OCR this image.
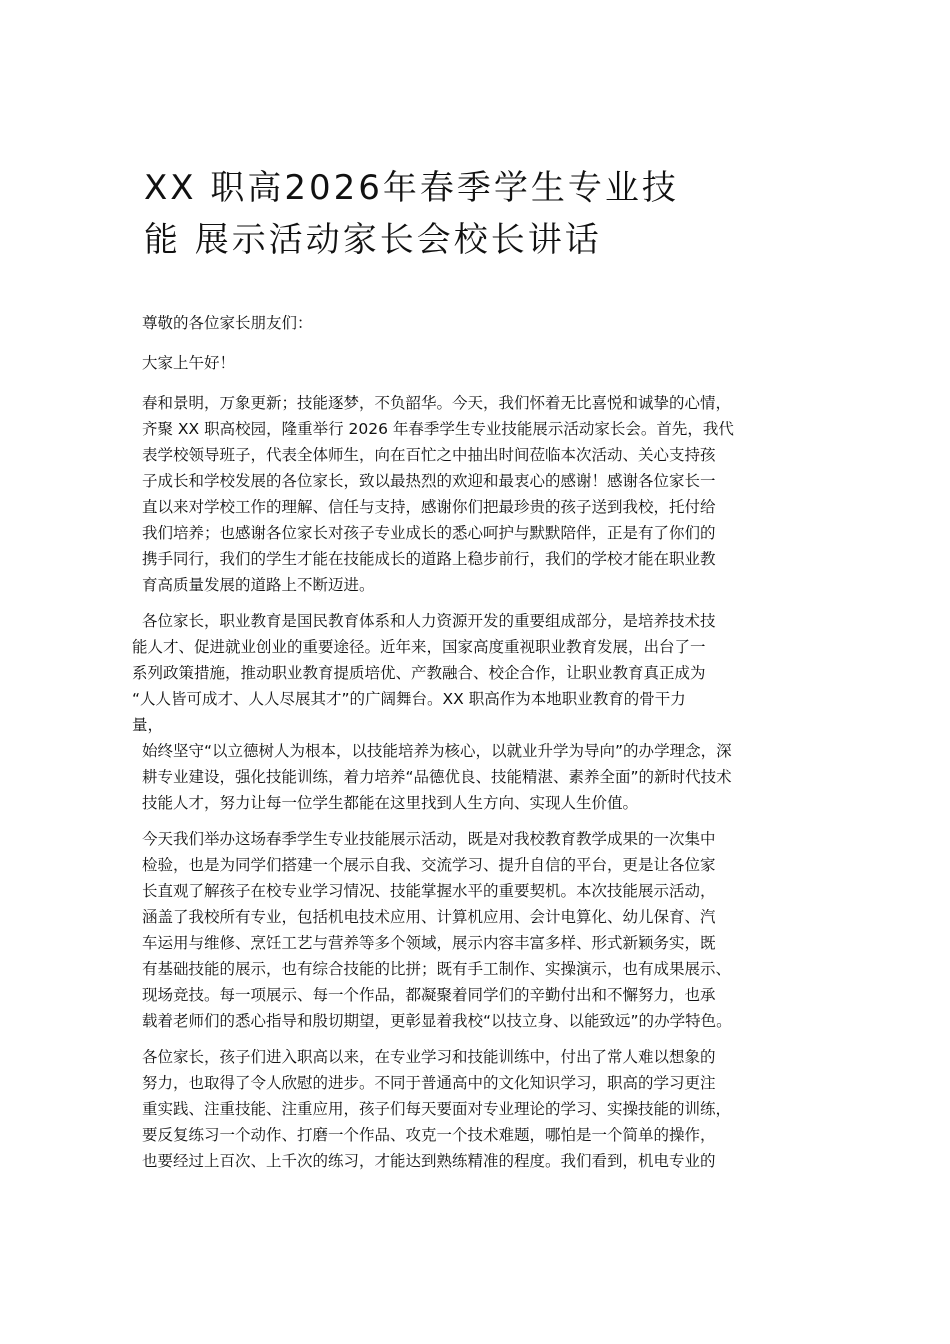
XX 职高2026年春季学生专业技
能 展示活动家长会校长讲话

尊敬的各位家长朋友们：

大家上午好！

春和景明，万象更新；技能逐梦，不负韶华。今天，我们怀着无比喜悦和诚挚的心情，
齐聚 XX 职高校园，隆重举行 2026 年春季学生专业技能展示活动家长会。首先，我代
表学校领导班子，代表全体师生，向在百忙之中抽出时间莅临本次活动、关心支持孩
子成长和学校发展的各位家长，致以最热烈的欢迎和最衷心的感谢！感谢各位家长一
直以来对学校工作的理解、信任与支持，感谢你们把最珍贵的孩子送到我校，托付给
我们培养；也感谢各位家长对孩子专业成长的悉心呵护与默默陪伴，正是有了你们的
携手同行，我们的学生才能在技能成长的道路上稳步前行，我们的学校才能在职业教
育高质量发展的道路上不断迈进。

各位家长，职业教育是国民教育体系和人力资源开发的重要组成部分，是培养技术技
能人才、促进就业创业的重要途径。近年来，国家高度重视职业教育发展，出台了一
系列政策措施，推动职业教育提质培优、产教融合、校企合作，让职业教育真正成为
“人人皆可成才、人人尽展其才”的广阔舞台。XX 职高作为本地职业教育的骨干力
量，

始终坚守“以立德树人为根本，以技能培养为核心，以就业升学为导向”的办学理念，深
耕专业建设，强化技能训练，着力培养“品德优良、技能精湛、素养全面”的新时代技术
技能人才，努力让每一位学生都能在这里找到人生方向、实现人生价值。

今天我们举办这场春季学生专业技能展示活动，既是对我校教育教学成果的一次集中
检验，也是为同学们搭建一个展示自我、交流学习、提升自信的平台，更是让各位家
长直观了解孩子在校专业学习情况、技能掌握水平的重要契机。本次技能展示活动，
涵盖了我校所有专业，包括机电技术应用、计算机应用、会计电算化、幼儿保育、汽
车运用与维修、烹饪工艺与营养等多个领域，展示内容丰富多样、形式新颖务实，既
有基础技能的展示，也有综合技能的比拼；既有手工制作、实操演示，也有成果展示、
现场竞技。每一项展示、每一个作品，都凝聚着同学们的辛勤付出和不懈努力，也承
载着老师们的悉心指导和殷切期望，更彰显着我校“以技立身、以能致远”的办学特色。

各位家长，孩子们进入职高以来，在专业学习和技能训练中，付出了常人难以想象的
努力，也取得了令人欣慰的进步。不同于普通高中的文化知识学习，职高的学习更注
重实践、注重技能、注重应用，孩子们每天要面对专业理论的学习、实操技能的训练，
要反复练习一个动作、打磨一个作品、攻克一个技术难题，哪怕是一个简单的操作，
也要经过上百次、上千次的练习，才能达到熟练精准的程度。我们看到，机电专业的
